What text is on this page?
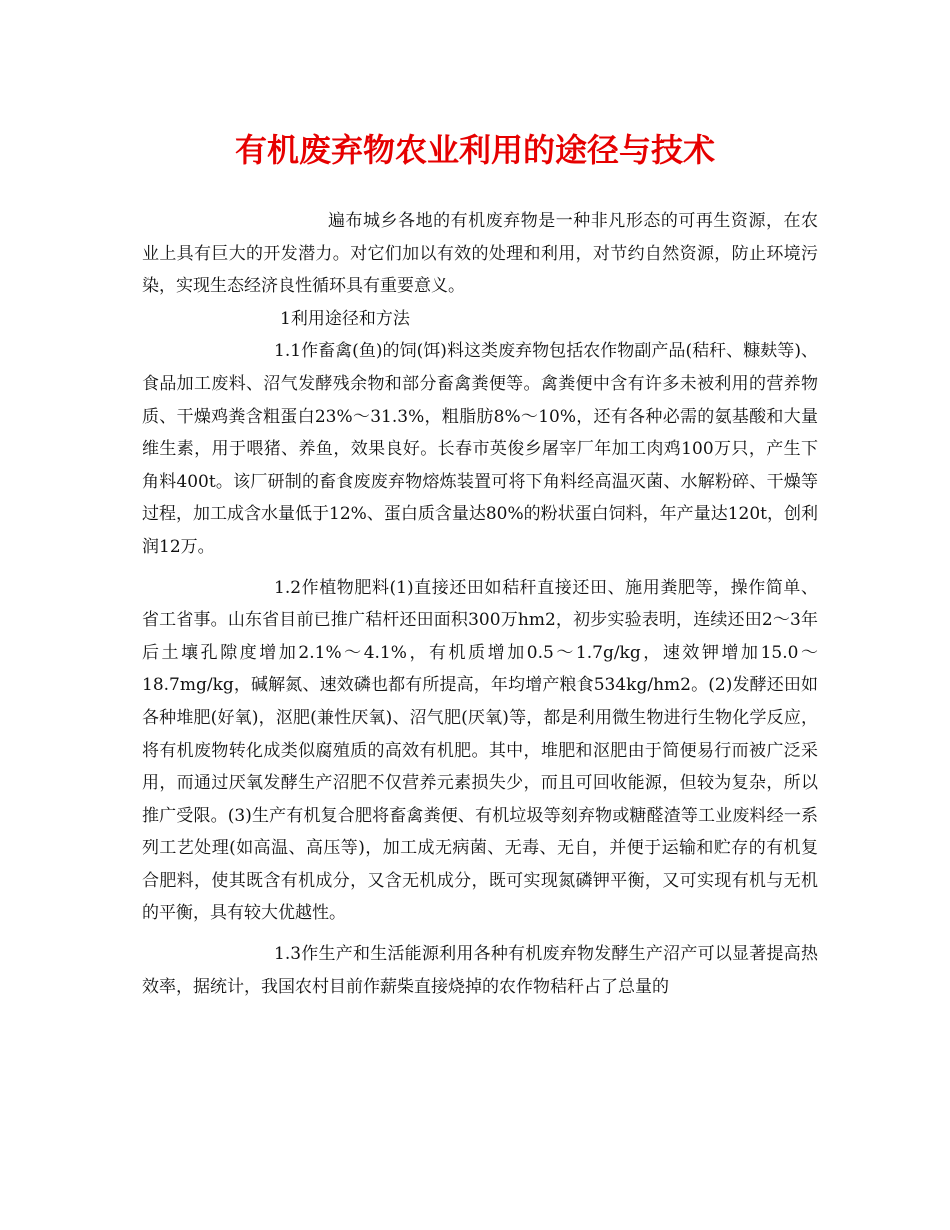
有机废弃物农业利用的途径与技术

遍布城乡各地的有机废弃物是一种非凡形态的可再生资源，在农业上具有巨大的开发潜力。对它们加以有效的处理和利用，对节约自然资源，防止环境污染，实现生态经济良性循环具有重要意义。

1利用途径和方法

1.1作畜禽(鱼)的饲(饵)料这类废弃物包括农作物副产品(秸秆、糠麸等)、食品加工废料、沼气发酵残余物和部分畜禽粪便等。禽粪便中含有许多未被利用的营养物质、干燥鸡粪含粗蛋白23%～31.3%，粗脂肪8%～10%，还有各种必需的氨基酸和大量维生素，用于喂猪、养鱼，效果良好。长春市英俊乡屠宰厂年加工肉鸡100万只，产生下角料400t。该厂研制的畜食废废弃物熔炼装置可将下角料经高温灭菌、水解粉碎、干燥等过程，加工成含水量低于12%、蛋白质含量达80%的粉状蛋白饲料，年产量达120t，创利润12万。

1.2作植物肥料(1)直接还田如秸秆直接还田、施用粪肥等，操作简单、省工省事。山东省目前已推广秸杆还田面积300万hm2，初步实验表明，连续还田2～3年后土壤孔隙度增加2.1%～4.1%，有机质增加0.5～1.7g/kg，速效钾增加15.0～18.7mg/kg，碱解氮、速效磷也都有所提高，年均增产粮食534kg/hm2。(2)发酵还田如各种堆肥(好氧)，沤肥(兼性厌氧)、沼气肥(厌氧)等，都是利用微生物进行生物化学反应，将有机废物转化成类似腐殖质的高效有机肥。其中，堆肥和沤肥由于简便易行而被广泛采用，而通过厌氧发酵生产沼肥不仅营养元素损失少，而且可回收能源，但较为复杂，所以推广受限。(3)生产有机复合肥将畜禽粪便、有机垃圾等刻弃物或糖醛渣等工业废料经一系列工艺处理(如高温、高压等)，加工成无病菌、无毒、无自，并便于运输和贮存的有机复合肥料，使其既含有机成分，又含无机成分，既可实现氮磷钾平衡，又可实现有机与无机的平衡，具有较大优越性。

1.3作生产和生活能源利用各种有机废弃物发酵生产沼产可以显著提高热效率，据统计，我国农村目前作薪柴直接烧掉的农作物秸秆占了总量的
